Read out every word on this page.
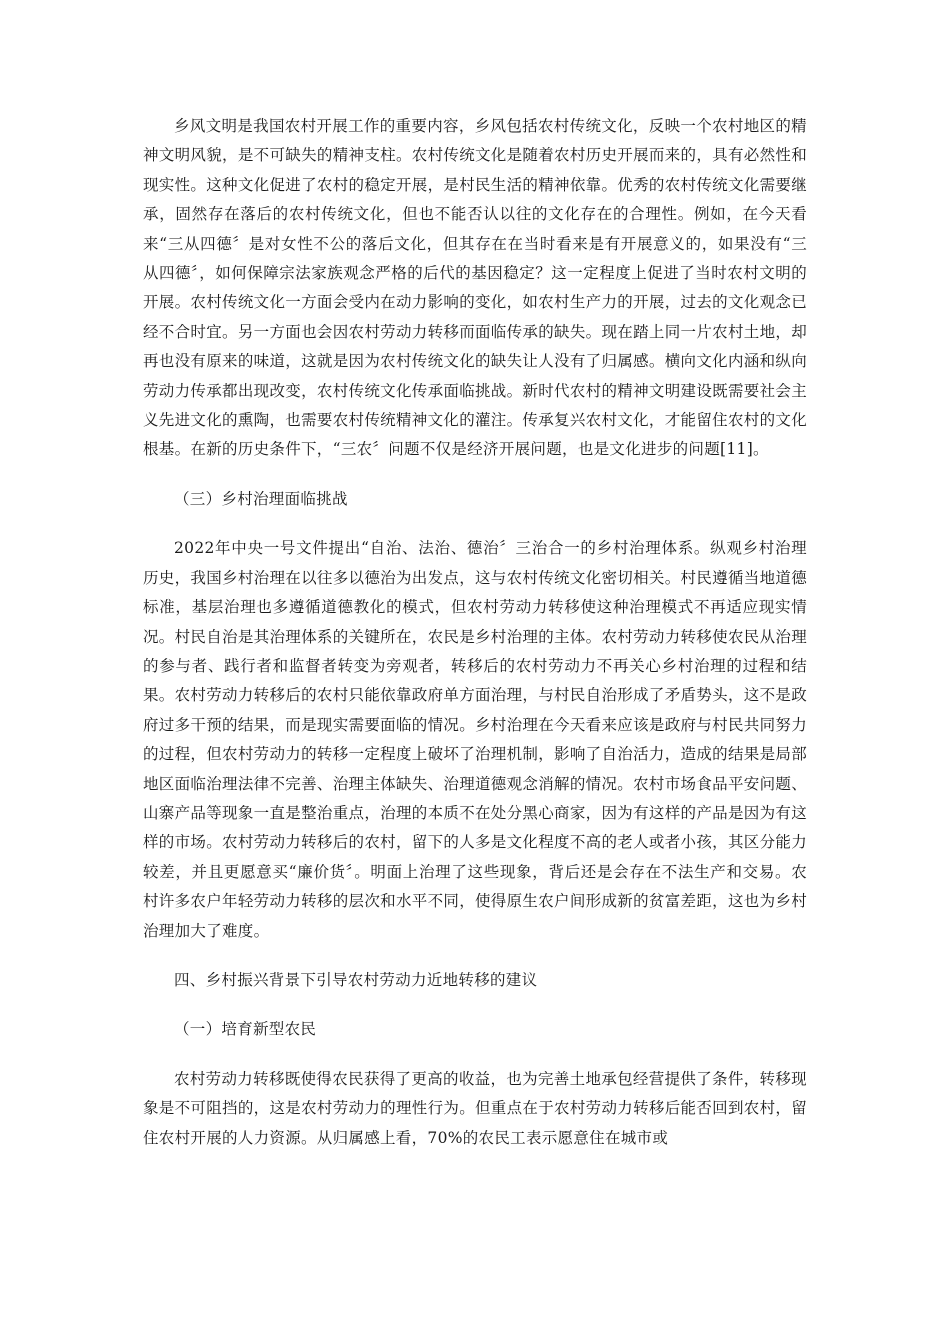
乡风文明是我国农村开展工作的重要内容，乡风包括农村传统文化，反映一个农村地区的精神文明风貌，是不可缺失的精神支柱。农村传统文化是随着农村历史开展而来的，具有必然性和现实性。这种文化促进了农村的稳定开展，是村民生活的精神依靠。优秀的农村传统文化需要继承，固然存在落后的农村传统文化，但也不能否认以往的文化存在的合理性。例如，在今天看来“三从四德〞是对女性不公的落后文化，但其存在在当时看来是有开展意义的，如果没有“三从四德〞，如何保障宗法家族观念严格的后代的基因稳定？这一定程度上促进了当时农村文明的开展。农村传统文化一方面会受内在动力影响的变化，如农村生产力的开展，过去的文化观念已经不合时宜。另一方面也会因农村劳动力转移而面临传承的缺失。现在踏上同一片农村土地，却再也没有原来的味道，这就是因为农村传统文化的缺失让人没有了归属感。横向文化内涵和纵向劳动力传承都出现改变，农村传统文化传承面临挑战。新时代农村的精神文明建设既需要社会主义先进文化的熏陶，也需要农村传统精神文化的灌注。传承复兴农村文化，才能留住农村的文化根基。在新的历史条件下，“三农〞问题不仅是经济开展问题，也是文化进步的问题[11]。

（三）乡村治理面临挑战

2022年中央一号文件提出“自治、法治、德治〞三治合一的乡村治理体系。纵观乡村治理历史，我国乡村治理在以往多以德治为出发点，这与农村传统文化密切相关。村民遵循当地道德标准，基层治理也多遵循道德教化的模式，但农村劳动力转移使这种治理模式不再适应现实情况。村民自治是其治理体系的关键所在，农民是乡村治理的主体。农村劳动力转移使农民从治理的参与者、践行者和监督者转变为旁观者，转移后的农村劳动力不再关心乡村治理的过程和结果。农村劳动力转移后的农村只能依靠政府单方面治理，与村民自治形成了矛盾势头，这不是政府过多干预的结果，而是现实需要面临的情况。乡村治理在今天看来应该是政府与村民共同努力的过程，但农村劳动力的转移一定程度上破坏了治理机制，影响了自治活力，造成的结果是局部地区面临治理法律不完善、治理主体缺失、治理道德观念消解的情况。农村市场食品平安问题、山寨产品等现象一直是整治重点，治理的本质不在处分黑心商家，因为有这样的产品是因为有这样的市场。农村劳动力转移后的农村，留下的人多是文化程度不高的老人或者小孩，其区分能力较差，并且更愿意买“廉价货〞。明面上治理了这些现象，背后还是会存在不法生产和交易。农村许多农户年轻劳动力转移的层次和水平不同，使得原生农户间形成新的贫富差距，这也为乡村治理加大了难度。

四、乡村振兴背景下引导农村劳动力近地转移的建议

（一）培育新型农民

农村劳动力转移既使得农民获得了更高的收益，也为完善土地承包经营提供了条件，转移现象是不可阻挡的，这是农村劳动力的理性行为。但重点在于农村劳动力转移后能否回到农村，留住农村开展的人力资源。从归属感上看，70%的农民工表示愿意住在城市或
